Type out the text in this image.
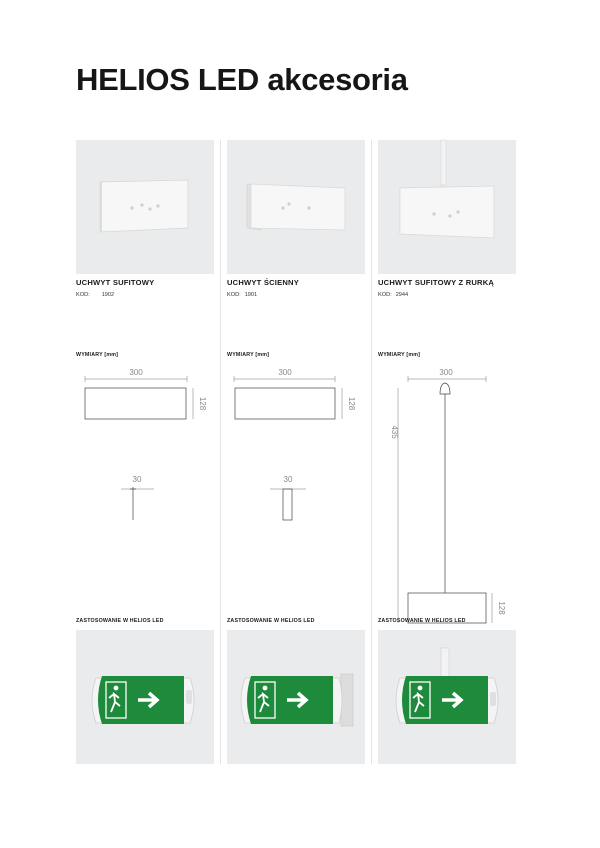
HELIOS LED akcesoria
UCHWYT SUFITOWY
KOD: 1902
WYMIARY [mm]
300
128
30
ZASTOSOWANIE W HELIOS LED
UCHWYT ŚCIENNY
KOD: 1901
WYMIARY [mm]
300
128
30
ZASTOSOWANIE W HELIOS LED
UCHWYT SUFITOWY Z RURKĄ
KOD: 2944
WYMIARY [mm]
300
435
128
ZASTOSOWANIE W HELIOS LED
